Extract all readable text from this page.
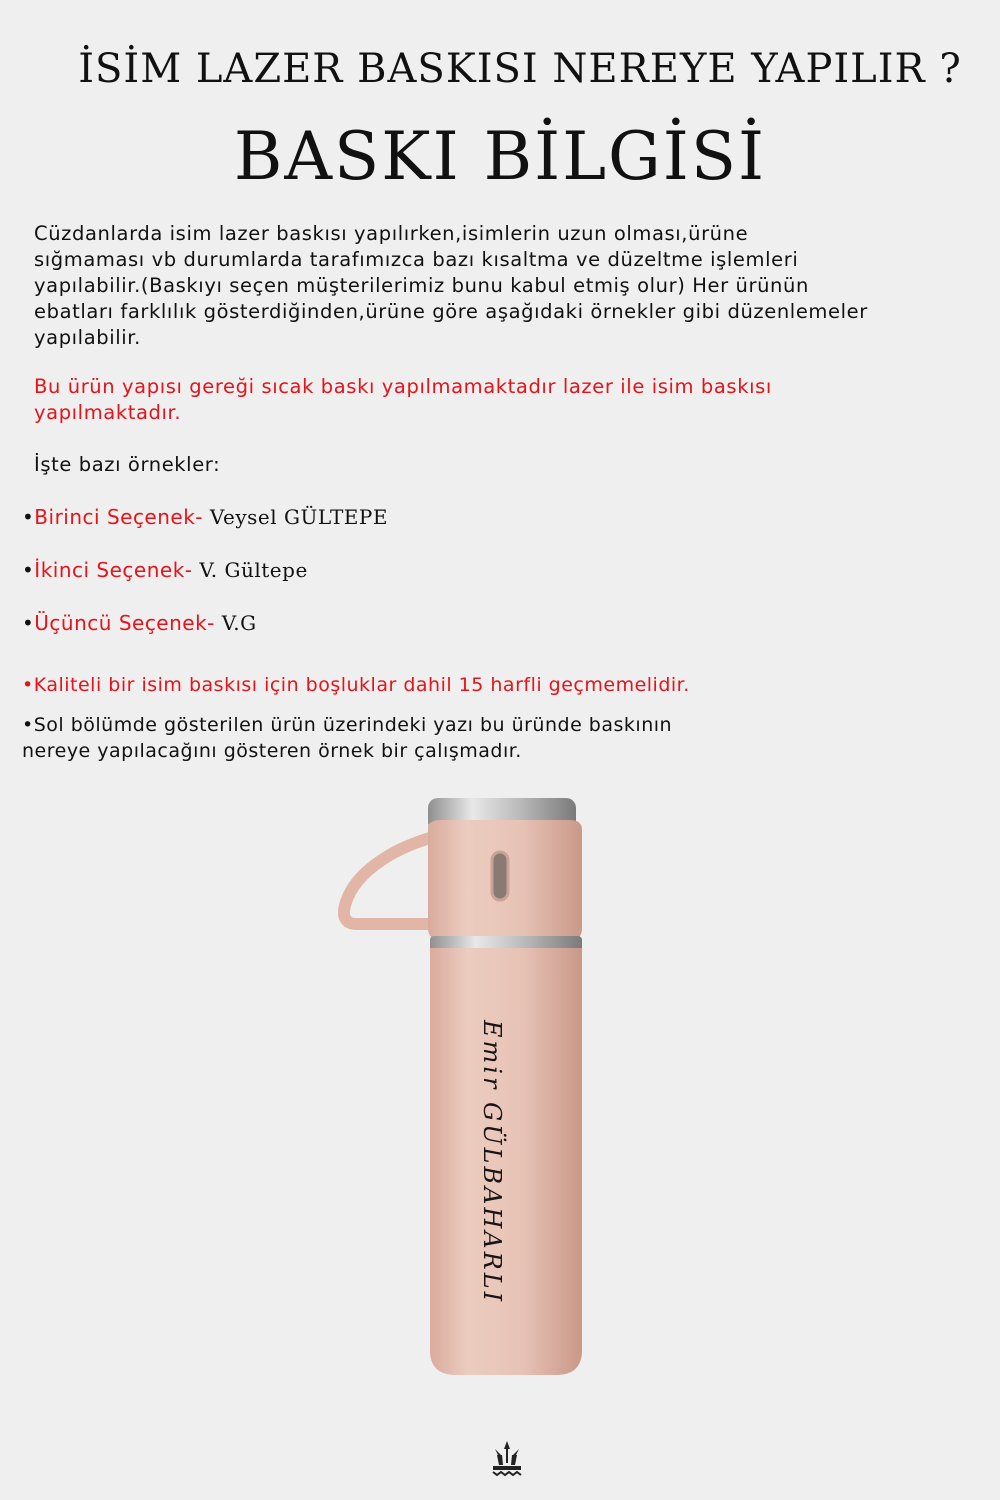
İSİM LAZER BASKISI NEREYE YAPILIR ?
BASKI BİLGİSİ
Cüzdanlarda isim lazer baskısı yapılırken,isimlerin uzun olması,ürüne
sığmaması vb durumlarda tarafımızca bazı kısaltma ve düzeltme işlemleri
yapılabilir.(Baskıyı seçen müşterilerimiz bunu kabul etmiş olur) Her ürünün
ebatları farklılık gösterdiğinden,ürüne göre aşağıdaki örnekler gibi düzenlemeler
yapılabilir.
Bu ürün yapısı gereği sıcak baskı yapılmamaktadır lazer ile isim baskısı
yapılmaktadır.
İşte bazı örnekler:
•Birinci Seçenek- Veysel GÜLTEPE
•İkinci Seçenek- V. Gültepe
•Üçüncü Seçenek- V.G
•Kaliteli bir isim baskısı için boşluklar dahil 15 harfli geçmemelidir.
•Sol bölümde gösterilen ürün üzerindeki yazı bu üründe baskının
nereye yapılacağını gösteren örnek bir çalışmadır.
Emir GÜLBAHARLI
